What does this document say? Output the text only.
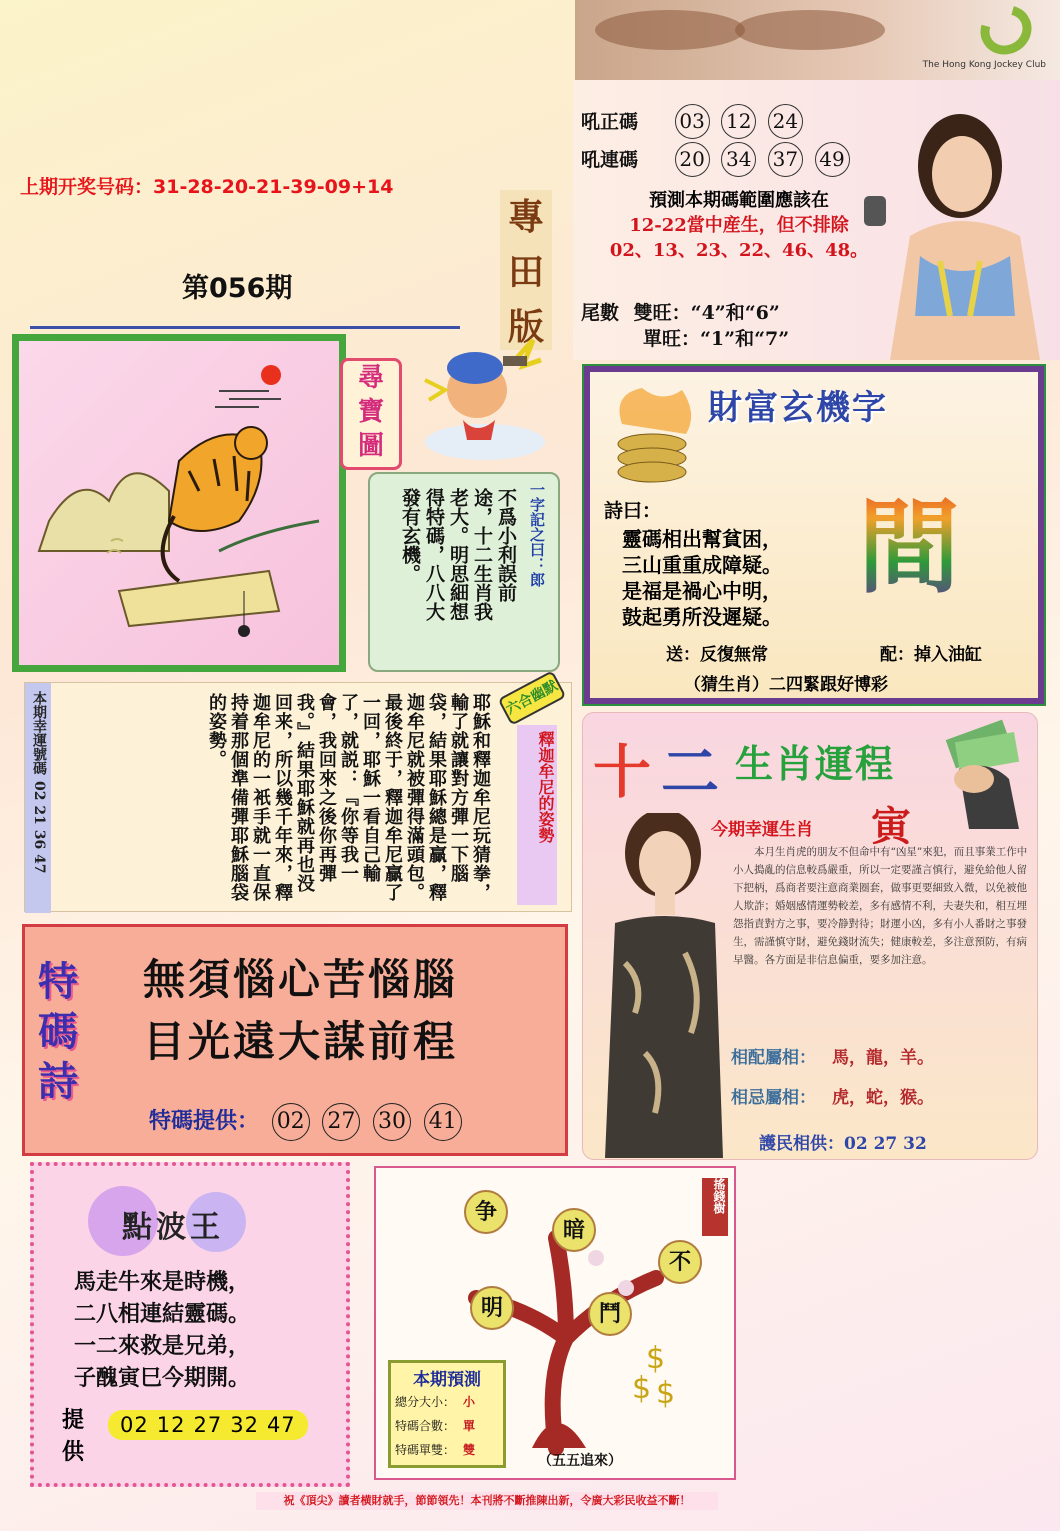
The Hong Kong Jockey Club
上期开奖号码：31-28-20-21-39-09+14
第056期
吼正碼 03 12 24
吼連碼 20 34 37 49
預測本期碼範圍應該在
12-22當中産生，但不排除
02、13、23、22、46、48。
尾數 雙旺：“4”和“6”
單旺：“1”和“7”
專
田
版
尋
寶
圖
一字記之曰：郎
不爲小利誤前途，十二生肖我老大。明思細想得特碼，八八大發有玄機。
財富玄機字
間
詩曰：
靈碼相出幫貧困，
三山重重成障疑。
是福是禍心中明，
鼓起勇所没遲疑。
送：反復無常	配：掉入油缸
（猜生肖）二四緊跟好博彩
本期幸運號碼02 21 36 47	耶穌和釋迦牟尼玩猜拳，輸了就讓對方彈一下腦袋，結果耶穌總是贏，釋迦牟尼就被彈得滿頭包。最後終于，釋迦牟尼贏了一回，耶穌一看自己輸了，就説：『你等我一會，我回來之後你再彈我。』結果耶穌就再也没回来，所以幾千年來，釋迦牟尼的一衹手就一直保持着那個準備彈耶穌腦袋的姿勢。	六合幽默
釋迦牟尼的姿勢 十 二 生肖運程
今期幸運生肖 寅
本月生肖虎的朋友不但命中有“凶星”來犯，而且事業工作中小人搗亂的信息較爲嚴重，所以一定要謹言慎行，避免給他人留下把柄，爲商者要注意商業圈套，做事更要細致入微，以免被他人欺詐；婚姻感情運勢較差，多有感情不利，夫妻失和，相互埋怨指責對方之事，要冷静對待；財運小凶，多有小人番財之事發生，需謹慎守財，避免錢財流失；健康較差，多注意預防，有病早醫。各方面是非信息偏重，要多加注意。
相配屬相： 馬，龍，羊。
相忌屬相： 虎，蛇，猴。
護民相供：02 27 32
特
碼
詩
無須惱心苦惱腦
目光遠大謀前程
特碼提供： 02 27 30 41
點波王
馬走牛來是時機，
二八相連結靈碼。
一二來救是兄弟，
子醜寅巳今期開。
提供
02 12 27 32 47
$
$
$
搖錢樹
争
暗
不
明	鬥
本期預測
總分大小： 小
特碼合數： 單
特碼單雙： 雙
（五五追來）
祝《頂尖》讀者横財就手，節節領先！本刊將不斷推陳出新，令廣大彩民收益不斷！
